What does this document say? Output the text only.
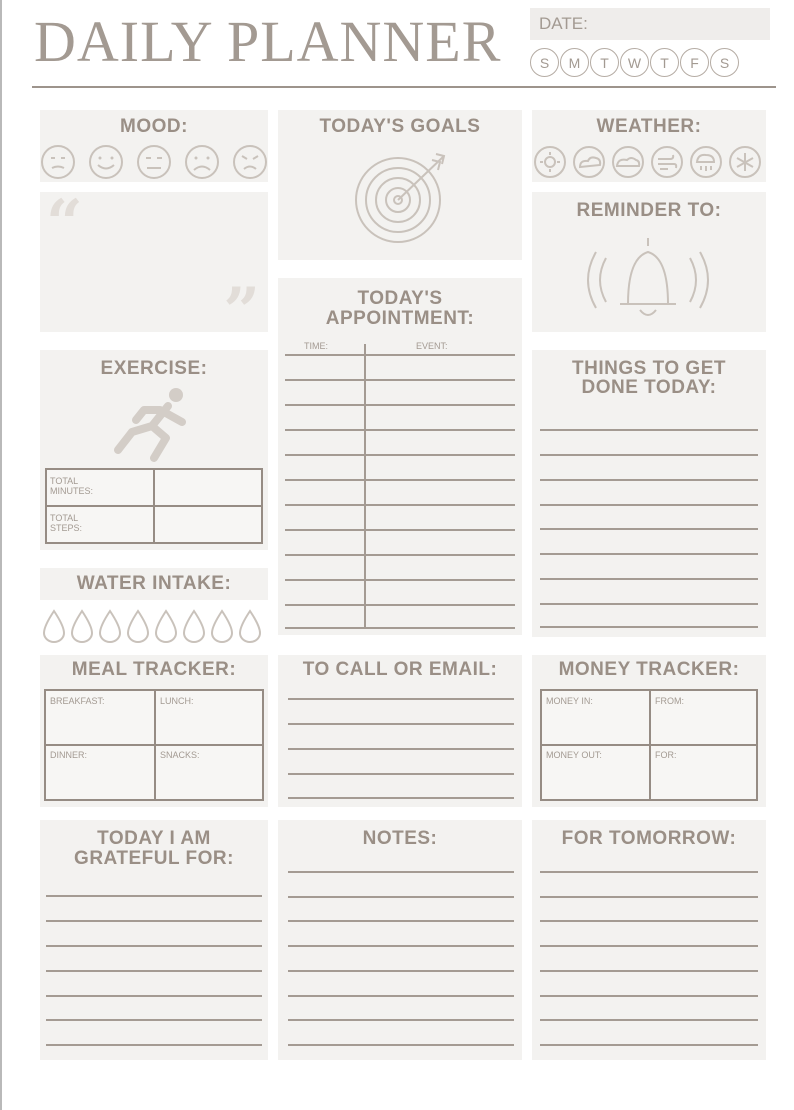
DAILY PLANNER DATE:
S	M	T	W	T	F	S
MOOD:
“
”
TODAY'S GOALS	WEATHER:
REMINDER TO:
TODAY'S
APPOINTMENT:
TIME:	EVENT:
EXERCISE:
TOTAL MINUTES:
TOTAL STEPS:
THINGS TO GET
DONE TODAY:
WATER INTAKE:
MEAL TRACKER:
BREAKFAST:	LUNCH:
DINNER:	SNACKS:
TO CALL OR EMAIL:	MONEY TRACKER:
MONEY IN:	FROM:
MONEY OUT:	FOR:
TODAY I AM
GRATEFUL FOR:
NOTES:	FOR TOMORROW:
